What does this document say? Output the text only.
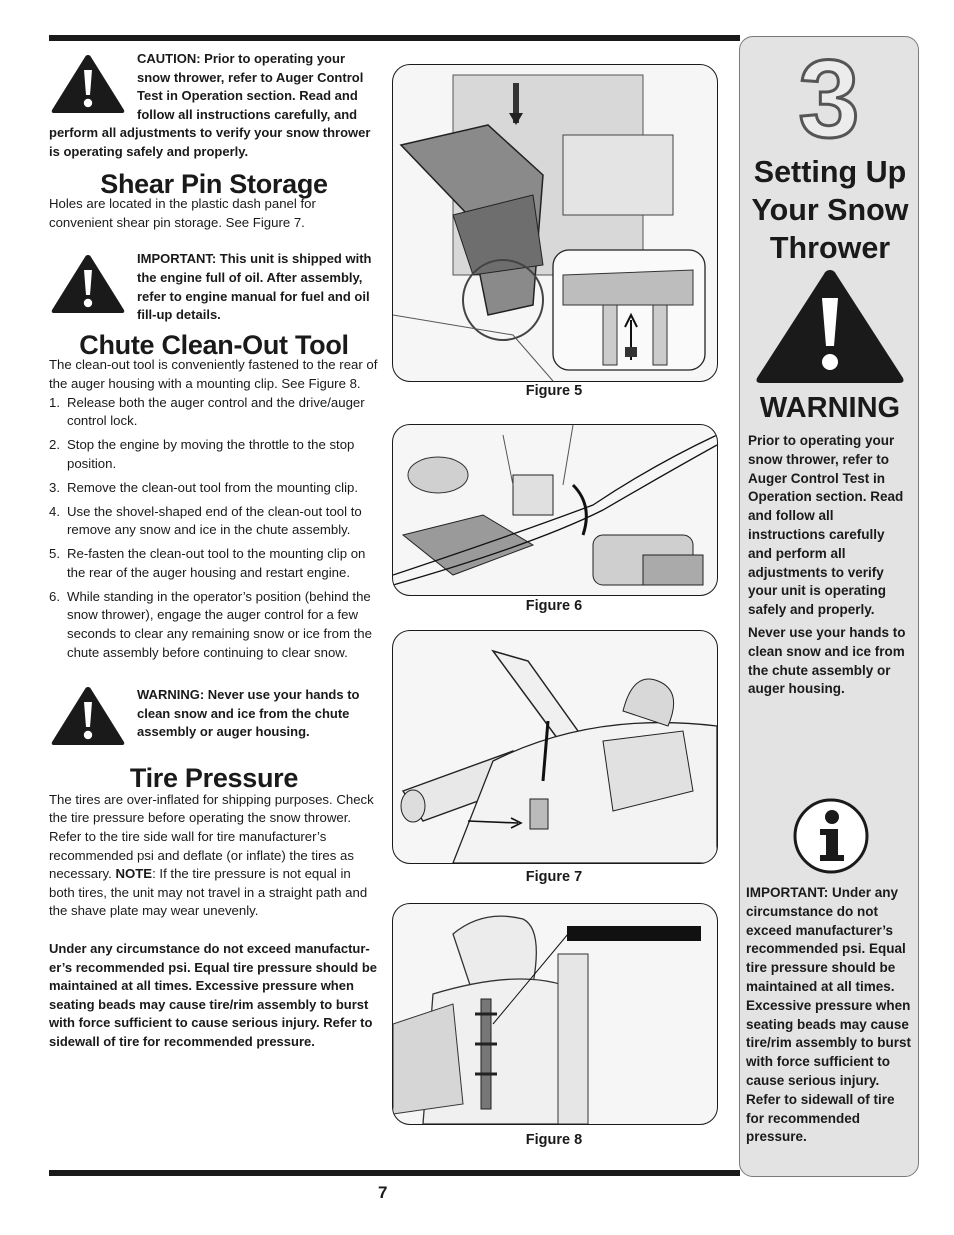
CAUTION: Prior to operating your snow thrower, refer to Auger Control Test in Operation section. Read and follow all instructions carefully, and
perform all adjustments to verify your snow thrower is operating safely and properly.
Shear Pin Storage

Holes are located in the plastic dash panel for convenient shear pin storage. See Figure 7.

IMPORTANT: This unit is shipped with the engine full of oil. After assembly, refer to engine manual for fuel and oil fill-up details.
Chute Clean-Out Tool

The clean-out tool is conveniently fastened to the rear of the auger housing with a mounting clip. See Figure 8.

1. Release both the auger control and the drive/auger control lock.
2. Stop the engine by moving the throttle to the stop position.
3. Remove the clean-out tool from the mounting clip.
4. Use the shovel-shaped end of the clean-out tool to remove any snow and ice in the chute assembly.
5. Re-fasten the clean-out tool to the mounting clip on the rear of the auger housing and restart engine.
6. While standing in the operator’s position (behind the snow thrower), engage the auger control for a few seconds to clear any remaining snow or ice from the chute assembly before continuing to clear snow.
WARNING: Never use your hands to clean snow and ice from the chute assembly or auger housing.
Tire Pressure

The tires are over-inflated for shipping purposes. Check the tire pressure before operating the snow thrower. Refer to the tire side wall for tire manufacturer’s recommended psi and deflate (or inflate) the tires as necessary. NOTE: If the tire pressure is not equal in both tires, the unit may not travel in a straight path and the shave plate may wear unevenly.

Under any circumstance do not exceed manufactur-er’s recommended psi. Equal tire pressure should be maintained at all times. Excessive pressure when seating beads may cause tire/rim assembly to burst with force sufficient to cause serious injury. Refer to sidewall of tire for recommended pressure.

Figure 5
Figure 6
Figure 7
Figure 8
3
Setting Up
Your Snow
Thrower
WARNING
Prior to operating your snow thrower, refer to Auger Control Test in Operation section. Read and follow all instructions carefully and perform all adjustments to verify your unit is operating safely and properly.
Never use your hands to clean snow and ice from the chute assembly or auger housing.
IMPORTANT: Under any circumstance do not exceed manufacturer’s recommended psi. Equal tire pressure should be maintained at all times. Excessive pressure when seating beads may cause tire/rim assembly to burst with force sufficient to cause serious injury. Refer to sidewall of tire for recommended pressure.
7
